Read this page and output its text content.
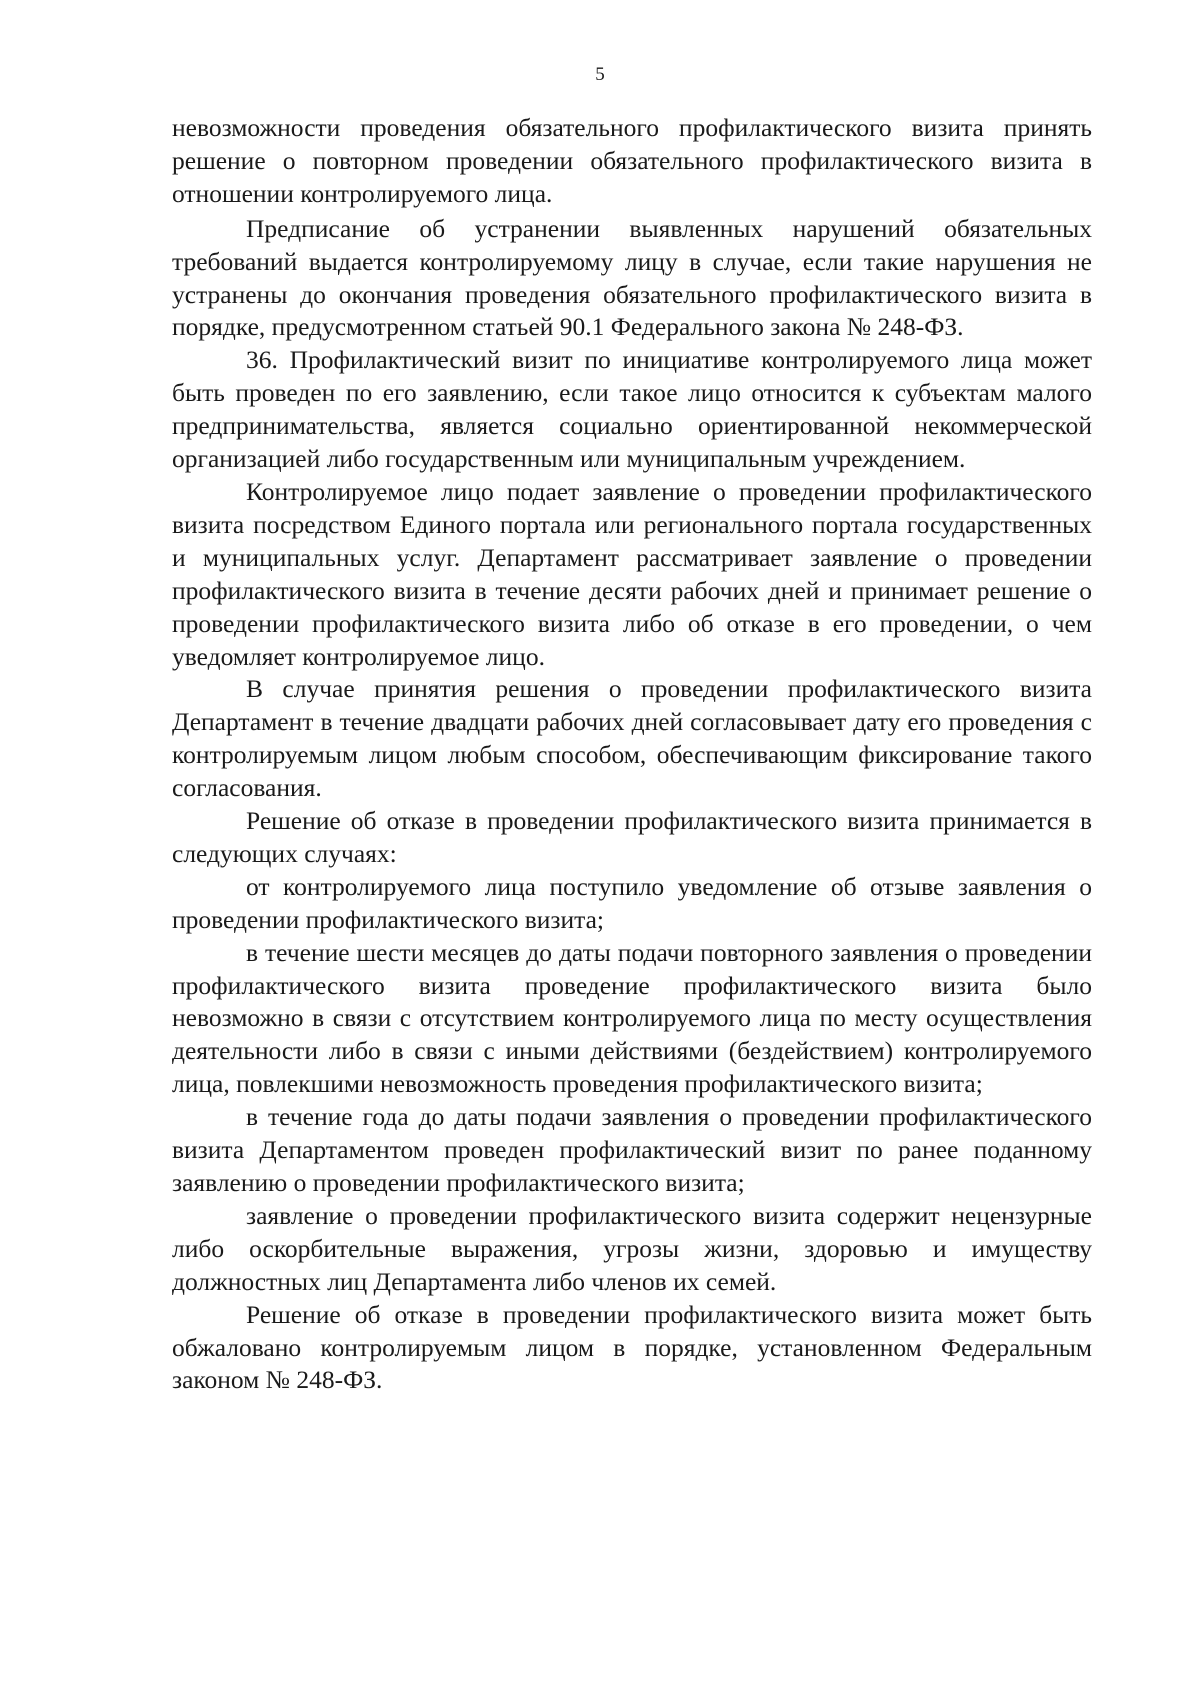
5

невозможности проведения обязательного профилактического визита принять решение о повторном проведении обязательного профилактического визита в отношении контролируемого лица.

Предписание об устранении выявленных нарушений обязательных требований выдается контролируемому лицу в случае, если такие нарушения не устранены до окончания проведения обязательного профилактического визита в порядке, предусмотренном статьей 90.1 Федерального закона № 248-ФЗ.

36. Профилактический визит по инициативе контролируемого лица может быть проведен по его заявлению, если такое лицо относится к субъектам малого предпринимательства, является социально ориентированной некоммерческой организацией либо государственным или муниципальным учреждением.

Контролируемое лицо подает заявление о проведении профилактического визита посредством Единого портала или регионального портала государственных и муниципальных услуг. Департамент рассматривает заявление о проведении профилактического визита в течение десяти рабочих дней и принимает решение о проведении профилактического визита либо об отказе в его проведении, о чем уведомляет контролируемое лицо.

В случае принятия решения о проведении профилактического визита Департамент в течение двадцати рабочих дней согласовывает дату его проведения с контролируемым лицом любым способом, обеспечивающим фиксирование такого согласования.

Решение об отказе в проведении профилактического визита принимается в следующих случаях:

от контролируемого лица поступило уведомление об отзыве заявления о проведении профилактического визита;

в течение шести месяцев до даты подачи повторного заявления о проведении профилактического визита проведение профилактического визита было невозможно в связи с отсутствием контролируемого лица по месту осуществления деятельности либо в связи с иными действиями (бездействием) контролируемого лица, повлекшими невозможность проведения профилактического визита;

в течение года до даты подачи заявления о проведении профилактического визита Департаментом проведен профилактический визит по ранее поданному заявлению о проведении профилактического визита;

заявление о проведении профилактического визита содержит нецензурные либо оскорбительные выражения, угрозы жизни, здоровью и имуществу должностных лиц Департамента либо членов их семей.

Решение об отказе в проведении профилактического визита может быть обжаловано контролируемым лицом в порядке, установленном Федеральным законом № 248-ФЗ.
